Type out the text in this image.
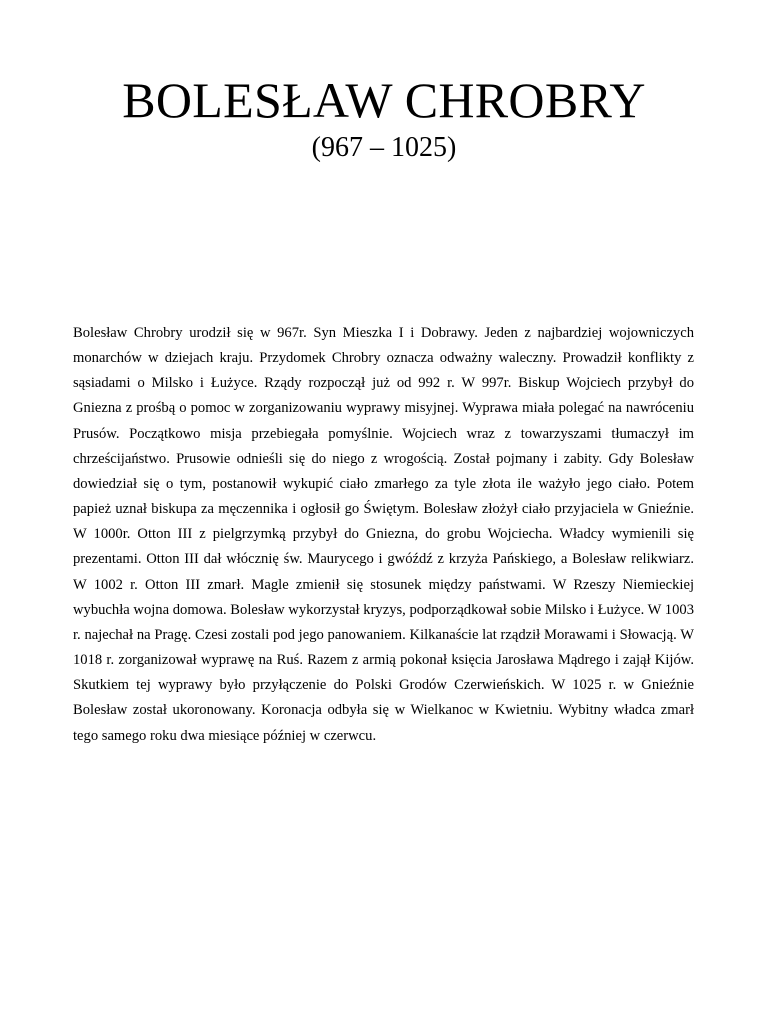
BOLESŁAW CHROBRY
(967 – 1025)

Bolesław Chrobry urodził się w 967r. Syn Mieszka I i Dobrawy. Jeden z najbardziej wojowniczych monarchów w dziejach kraju. Przydomek Chrobry oznacza odważny waleczny. Prowadził konflikty z sąsiadami o Milsko i Łużyce. Rządy rozpoczął już od 992 r. W 997r. Biskup Wojciech przybył do Gniezna z prośbą o pomoc w zorganizowaniu wyprawy misyjnej. Wyprawa miała polegać na nawróceniu Prusów. Początkowo misja przebiegała pomyślnie. Wojciech wraz z towarzyszami tłumaczył im chrześcijaństwo. Prusowie odnieśli się do niego z wrogością. Został pojmany i zabity. Gdy Bolesław dowiedział się o tym, postanowił wykupić ciało zmarłego za tyle złota ile ważyło jego ciało. Potem papież uznał biskupa za męczennika i ogłosił go Świętym. Bolesław złożył ciało przyjaciela w Gnieźnie. W 1000r. Otton III z pielgrzymką przybył do Gniezna, do grobu Wojciecha. Władcy wymienili się prezentami. Otton III dał włócznię św. Maurycego i gwóźdź z krzyża Pańskiego, a Bolesław relikwiarz. W 1002 r. Otton III zmarł. Magle zmienił się stosunek między państwami. W Rzeszy Niemieckiej wybuchła wojna domowa. Bolesław wykorzystał kryzys, podporządkował sobie Milsko i Łużyce. W 1003 r. najechał na Pragę. Czesi zostali pod jego panowaniem. Kilkanaście lat rządził Morawami i Słowacją. W 1018 r. zorganizował wyprawę na Ruś. Razem z armią pokonał księcia Jarosława Mądrego i zajął Kijów. Skutkiem tej wyprawy było przyłączenie do Polski Grodów Czerwieńskich. W 1025 r. w Gnieźnie Bolesław został ukoronowany. Koronacja odbyła się w Wielkanoc w Kwietniu. Wybitny władca zmarł tego samego roku dwa miesiące później w czerwcu.
